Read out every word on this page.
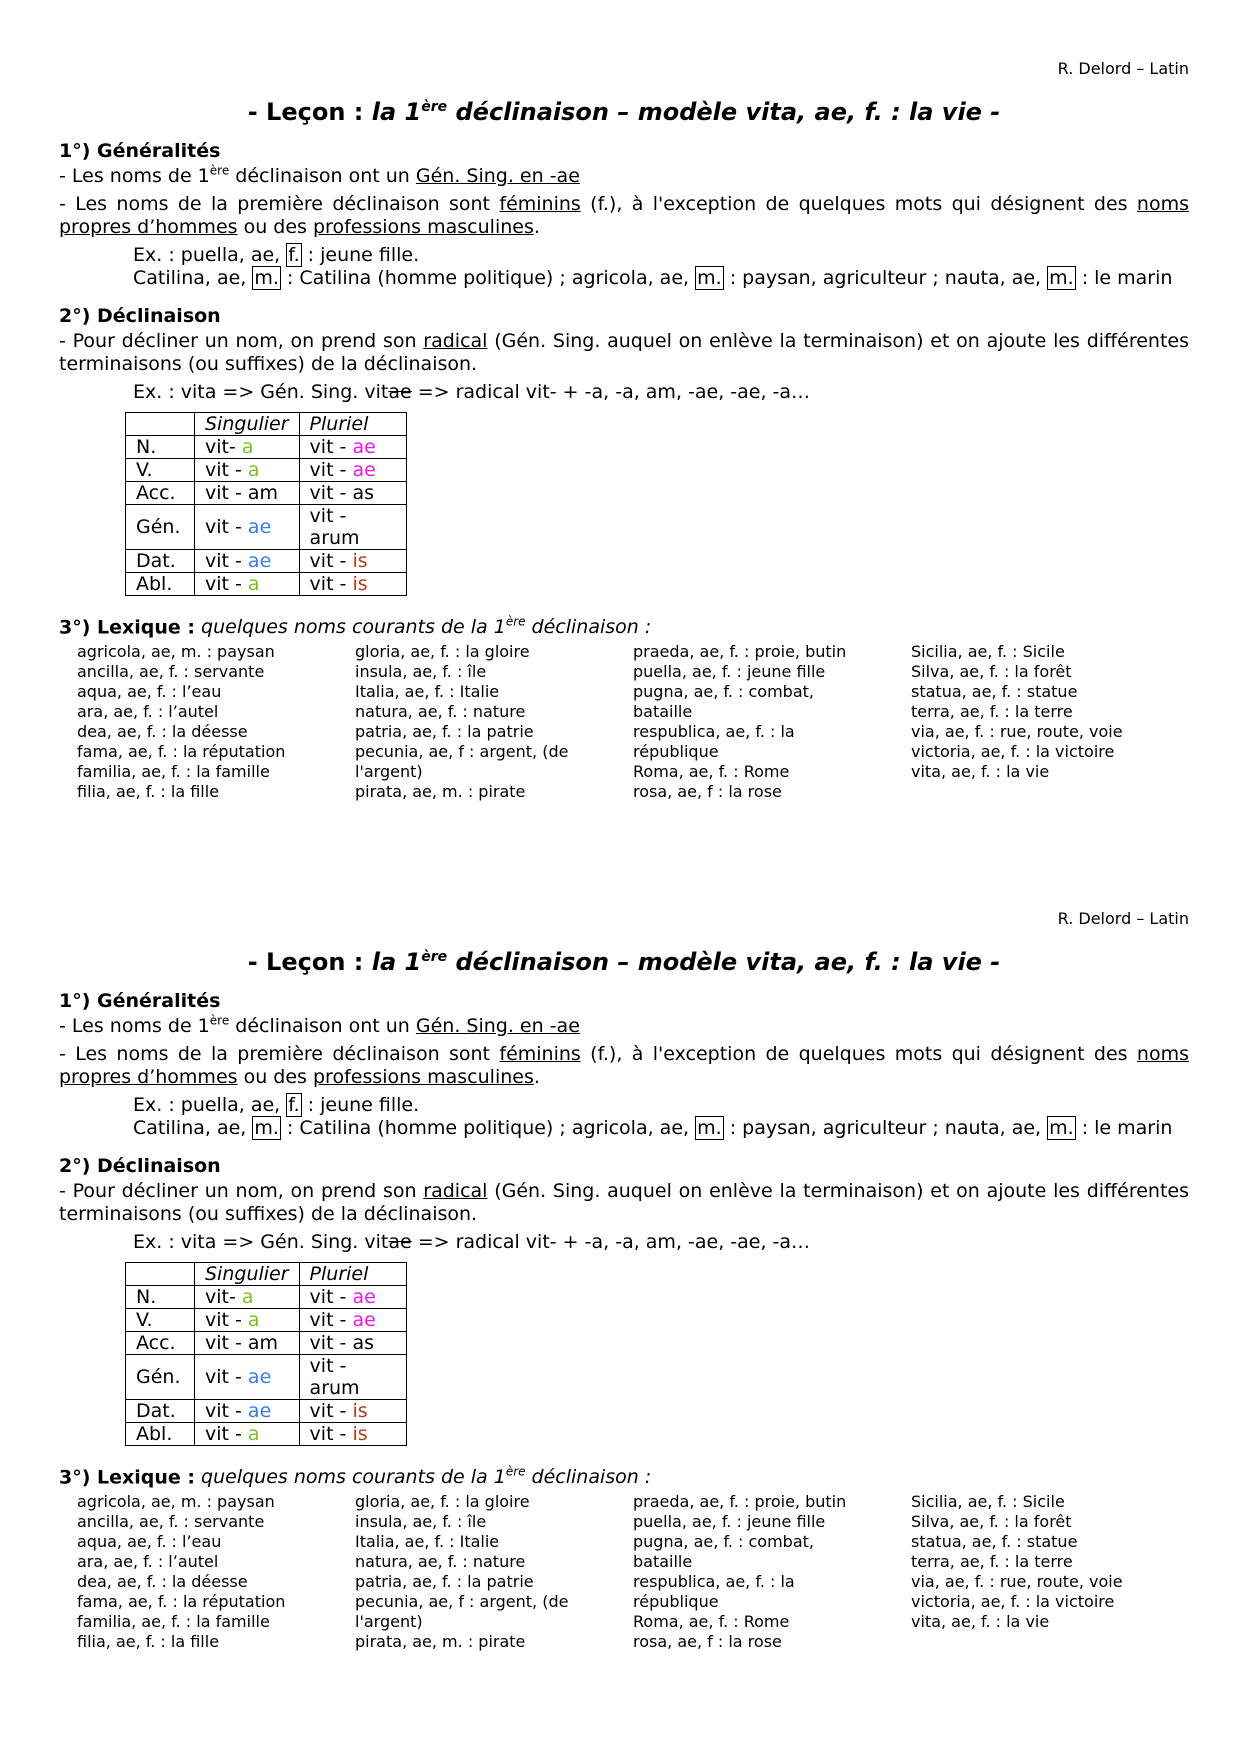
R. Delord – Latin
- Leçon : la 1ère déclinaison – modèle vita, ae, f. : la vie -
1°) Généralités

- Les noms de 1ère déclinaison ont un Gén. Sing. en -ae

- Les noms de la première déclinaison sont féminins (f.), à l'exception de quelques mots qui désignent des noms propres d’hommes ou des professions masculines.

Ex. : puella, ae, f. : jeune fille.

Catilina, ae, m. : Catilina (homme politique) ; agricola, ae, m. : paysan, agriculteur ; nauta, ae, m. : le marin

2°) Déclinaison

- Pour décliner un nom, on prend son radical (Gén. Sing. auquel on enlève la terminaison) et on ajoute les différentes terminaisons (ou suffixes) de la déclinaison.

Ex. : vita => Gén. Sing. vitae => radical vit- + -a, -a, am, -ae, -ae, -a…

	Singulier	Pluriel
N.	vit- a	vit - ae
V.	vit - a	vit - ae
Acc.	vit - am	vit - as
Gén.	vit - ae	vit - arum
Dat.	vit - ae	vit - is
Abl.	vit - a	vit - is
3°) Lexique : quelques noms courants de la 1ère déclinaison :
agricola, ae, m. : paysan
ancilla, ae, f. : servante
aqua, ae, f. : l’eau
ara, ae, f. : l’autel
dea, ae, f. : la déesse
fama, ae, f. : la réputation
familia, ae, f. : la famille
filia, ae, f. : la fille
gloria, ae, f. : la gloire
insula, ae, f. : île
Italia, ae, f. : Italie
natura, ae, f. : nature
patria, ae, f. : la patrie
pecunia, ae, f : argent, (de
l'argent)
pirata, ae, m. : pirate
praeda, ae, f. : proie, butin
puella, ae, f. : jeune fille
pugna, ae, f. : combat,
bataille
respublica, ae, f. : la
république
Roma, ae, f. : Rome
rosa, ae, f : la rose
Sicilia, ae, f. : Sicile
Silva, ae, f. : la forêt
statua, ae, f. : statue
terra, ae, f. : la terre
via, ae, f. : rue, route, voie
victoria, ae, f. : la victoire
vita, ae, f. : la vie
R. Delord – Latin
- Leçon : la 1ère déclinaison – modèle vita, ae, f. : la vie -
1°) Généralités

- Les noms de 1ère déclinaison ont un Gén. Sing. en -ae

- Les noms de la première déclinaison sont féminins (f.), à l'exception de quelques mots qui désignent des noms propres d’hommes ou des professions masculines.

Ex. : puella, ae, f. : jeune fille.

Catilina, ae, m. : Catilina (homme politique) ; agricola, ae, m. : paysan, agriculteur ; nauta, ae, m. : le marin

2°) Déclinaison

- Pour décliner un nom, on prend son radical (Gén. Sing. auquel on enlève la terminaison) et on ajoute les différentes terminaisons (ou suffixes) de la déclinaison.

Ex. : vita => Gén. Sing. vitae => radical vit- + -a, -a, am, -ae, -ae, -a…

	Singulier	Pluriel
N.	vit- a	vit - ae
V.	vit - a	vit - ae
Acc.	vit - am	vit - as
Gén.	vit - ae	vit - arum
Dat.	vit - ae	vit - is
Abl.	vit - a	vit - is
3°) Lexique : quelques noms courants de la 1ère déclinaison :
agricola, ae, m. : paysan
ancilla, ae, f. : servante
aqua, ae, f. : l’eau
ara, ae, f. : l’autel
dea, ae, f. : la déesse
fama, ae, f. : la réputation
familia, ae, f. : la famille
filia, ae, f. : la fille
gloria, ae, f. : la gloire
insula, ae, f. : île
Italia, ae, f. : Italie
natura, ae, f. : nature
patria, ae, f. : la patrie
pecunia, ae, f : argent, (de
l'argent)
pirata, ae, m. : pirate
praeda, ae, f. : proie, butin
puella, ae, f. : jeune fille
pugna, ae, f. : combat,
bataille
respublica, ae, f. : la
république
Roma, ae, f. : Rome
rosa, ae, f : la rose
Sicilia, ae, f. : Sicile
Silva, ae, f. : la forêt
statua, ae, f. : statue
terra, ae, f. : la terre
via, ae, f. : rue, route, voie
victoria, ae, f. : la victoire
vita, ae, f. : la vie
